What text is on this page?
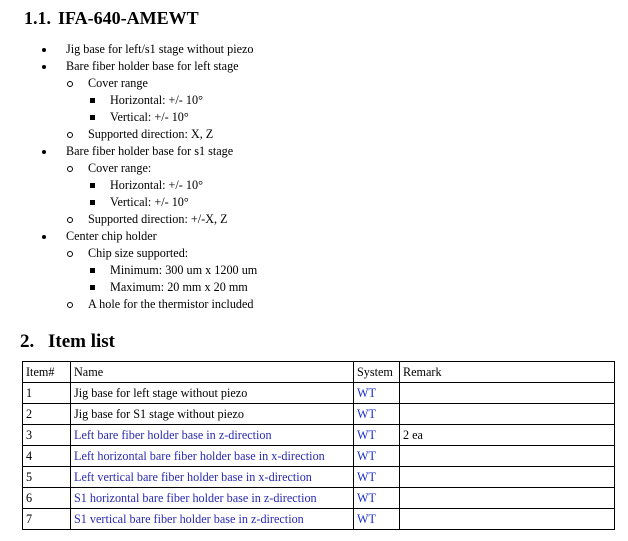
1.1. IFA-640-AMEWT
Jig base for left/s1 stage without piezo
Bare fiber holder base for left stage
Cover range
Horizontal: +/- 10°
Vertical: +/- 10°
Supported direction: X, Z
Bare fiber holder base for s1 stage
Cover range:
Horizontal: +/- 10°
Vertical: +/- 10°
Supported direction: +/-X, Z
Center chip holder
Chip size supported:
Minimum: 300 um x 1200 um
Maximum: 20 mm x 20 mm
A hole for the thermistor included
2. Item list
Item#	Name	System	Remark
1	Jig base for left stage without piezo	WT	
2	Jig base for S1 stage without piezo	WT	
3	Left bare fiber holder base in z-direction	WT	2 ea
4	Left horizontal bare fiber holder base in x-direction	WT	
5	Left vertical bare fiber holder base in x-direction	WT	
6	S1 horizontal bare fiber holder base in z-direction	WT	
7	S1 vertical bare fiber holder base in z-direction	WT	
